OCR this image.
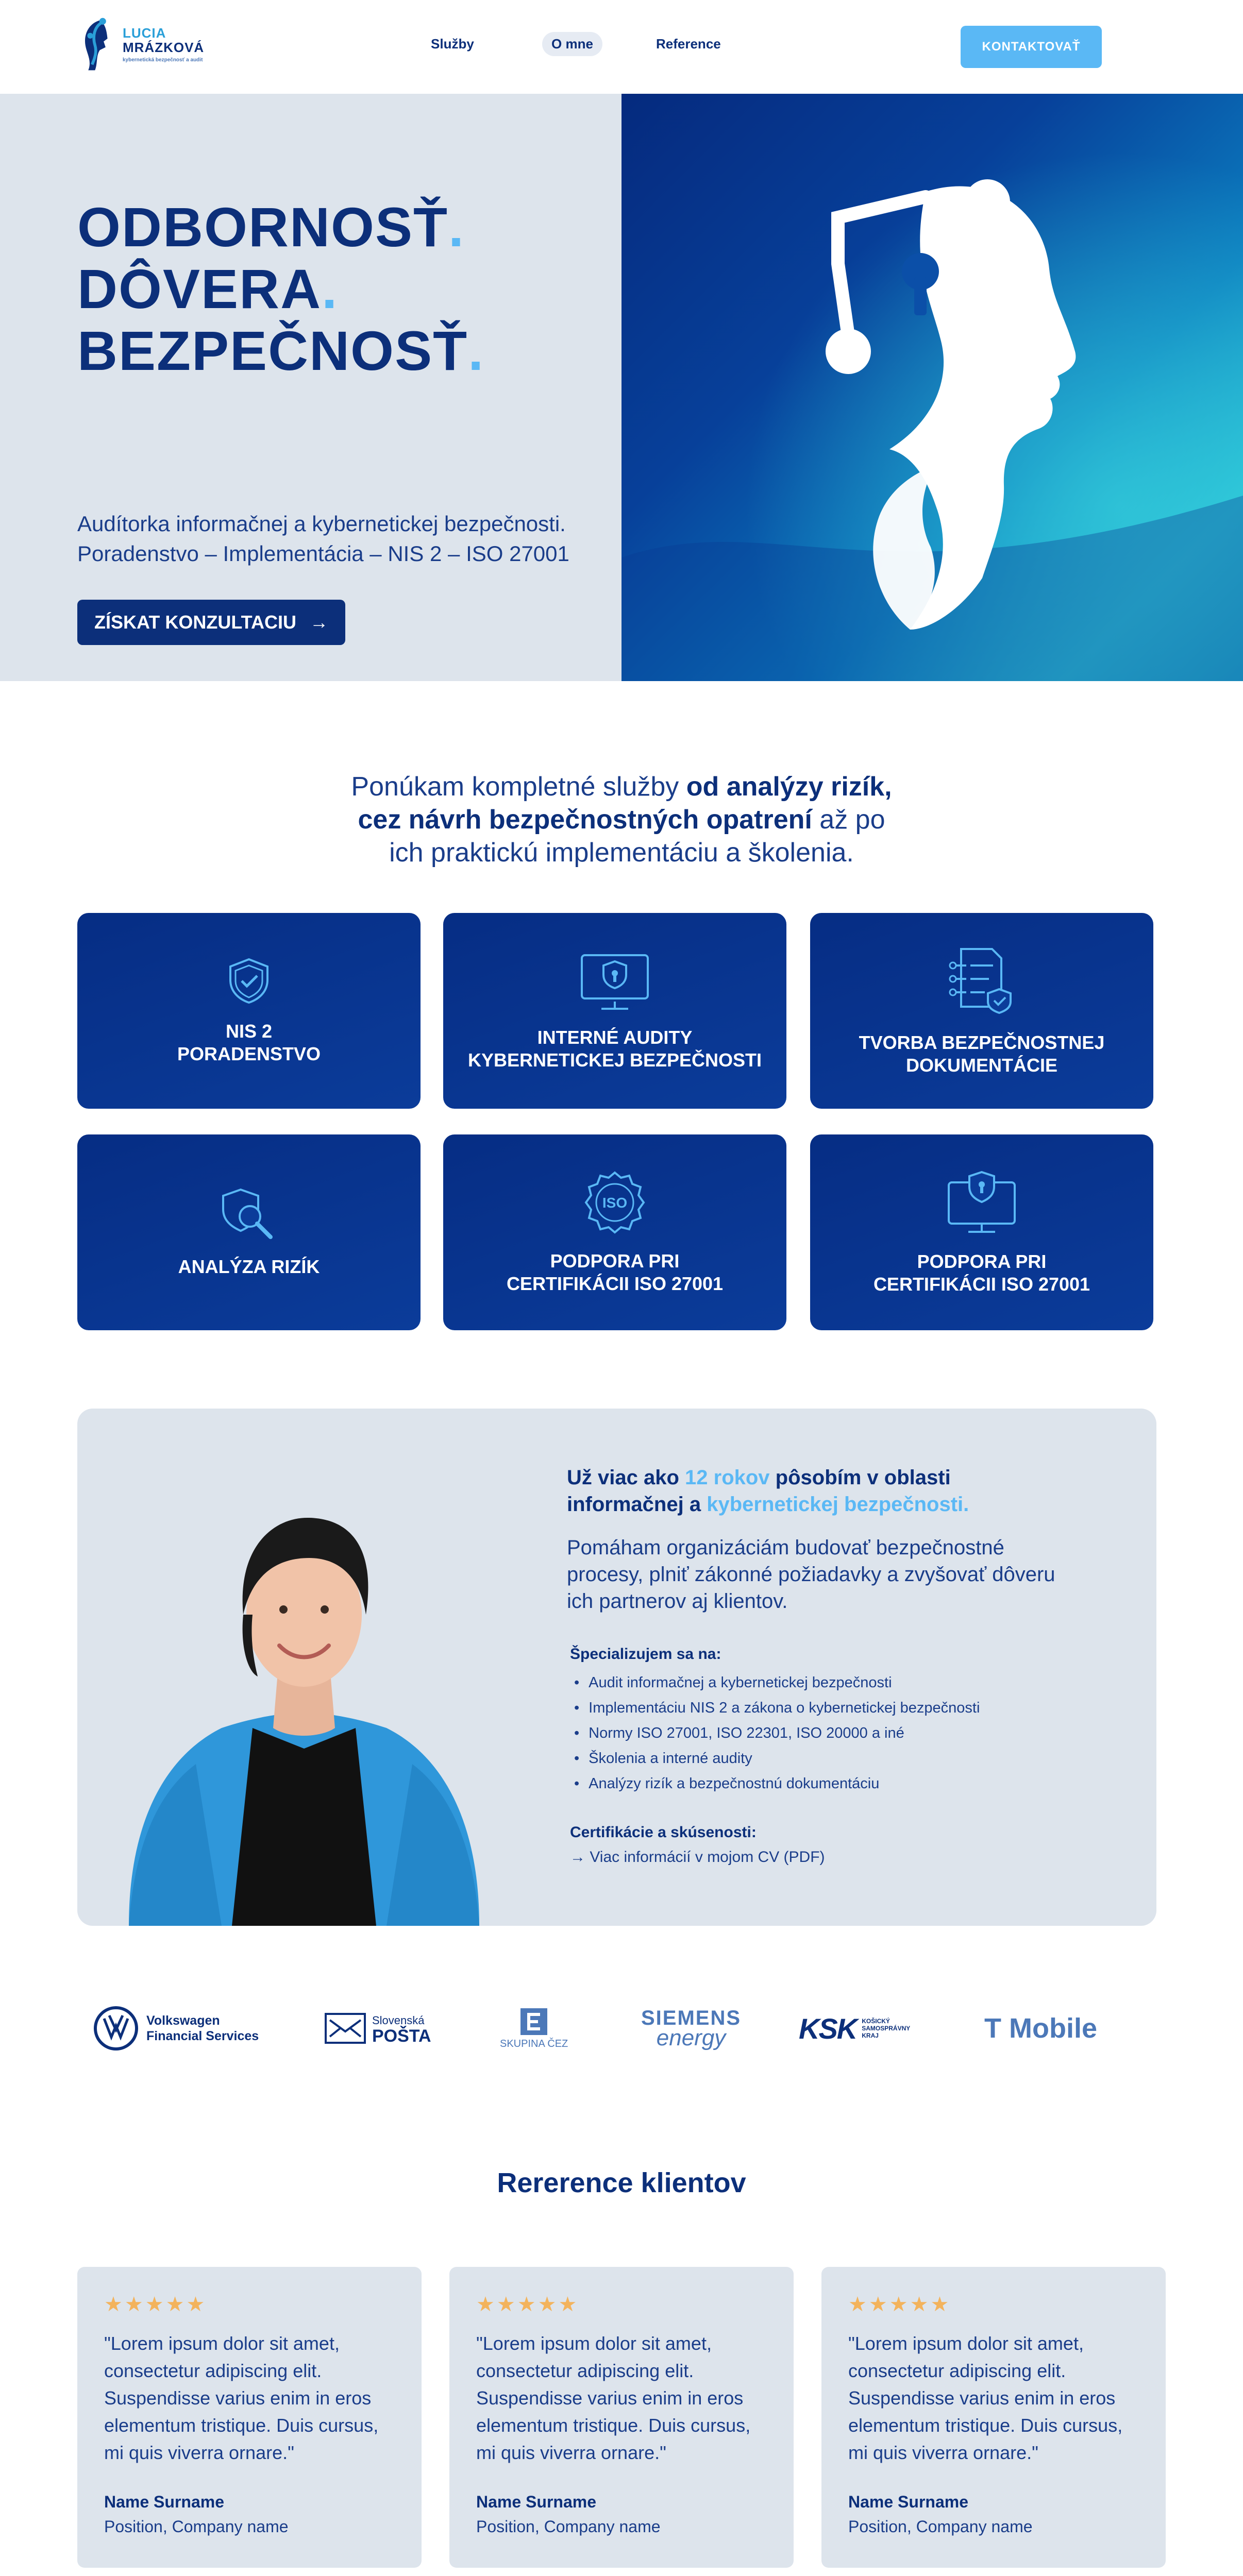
LUCIA
MRÁZKOVÁ
kybernetická bezpečnosť a audit
Služby	O mne	Reference	KONTAKTOVAŤ
ODBORNOSŤ.
DÔVERA.
BEZPEČNOSŤ.
Audítorka informačnej a kybernetickej bezpečnosti.
Poradenstvo – Implementácia – NIS 2 – ISO 27001
ZÍSKAT KONZULTACIU →
Ponúkam kompletné služby od analýzy rizík,
cez návrh bezpečnostných opatrení až po
ich praktickú implementáciu a školenia.
NIS 2
PORADENSTVO
INTERNÉ AUDITY
KYBERNETICKEJ BEZPEČNOSTI
TVORBA BEZPEČNOSTNEJ
DOKUMENTÁCIE
ANALÝZA RIZÍK
ISO
PODPORA PRI
CERTIFIKÁCII ISO 27001
PODPORA PRI
CERTIFIKÁCII ISO 27001
Už viac ako 12 rokov pôsobím v oblasti
informačnej a kybernetickej bezpečnosti.
Pomáham organizáciám budovať bezpečnostné procesy, plniť zákonné požiadavky a zvyšovať dôveru ich partnerov aj klientov.
Špecializujem sa na:
• Audit informačnej a kybernetickej bezpečnosti
• Implementáciu NIS 2 a zákona o kybernetickej bezpečnosti
• Normy ISO 27001, ISO 22301, ISO 20000 a iné
• Školenia a interné audity
• Analýzy rizík a bezpečnostnú dokumentáciu
Certifikácie a skúsenosti:
→ Viac informácií v mojom CV (PDF)
Volkswagen
Financial Services
Slovenská
POŠTA	SKUPINA ČEZ
SIEMENS
energy	KSK KOŠICKÝ SAMOSPRÁVNY KRAJ	T Mobile
Rererence klientov
★★★★★
"Lorem ipsum dolor sit amet, consectetur adipiscing elit. Suspendisse varius enim in eros elementum tristique. Duis cursus, mi quis viverra ornare."
Name Surname
Position, Company name
★★★★★
"Lorem ipsum dolor sit amet, consectetur adipiscing elit. Suspendisse varius enim in eros elementum tristique. Duis cursus, mi quis viverra ornare."
Name Surname
Position, Company name
★★★★★
"Lorem ipsum dolor sit amet, consectetur adipiscing elit. Suspendisse varius enim in eros elementum tristique. Duis cursus, mi quis viverra ornare."
Name Surname
Position, Company name
